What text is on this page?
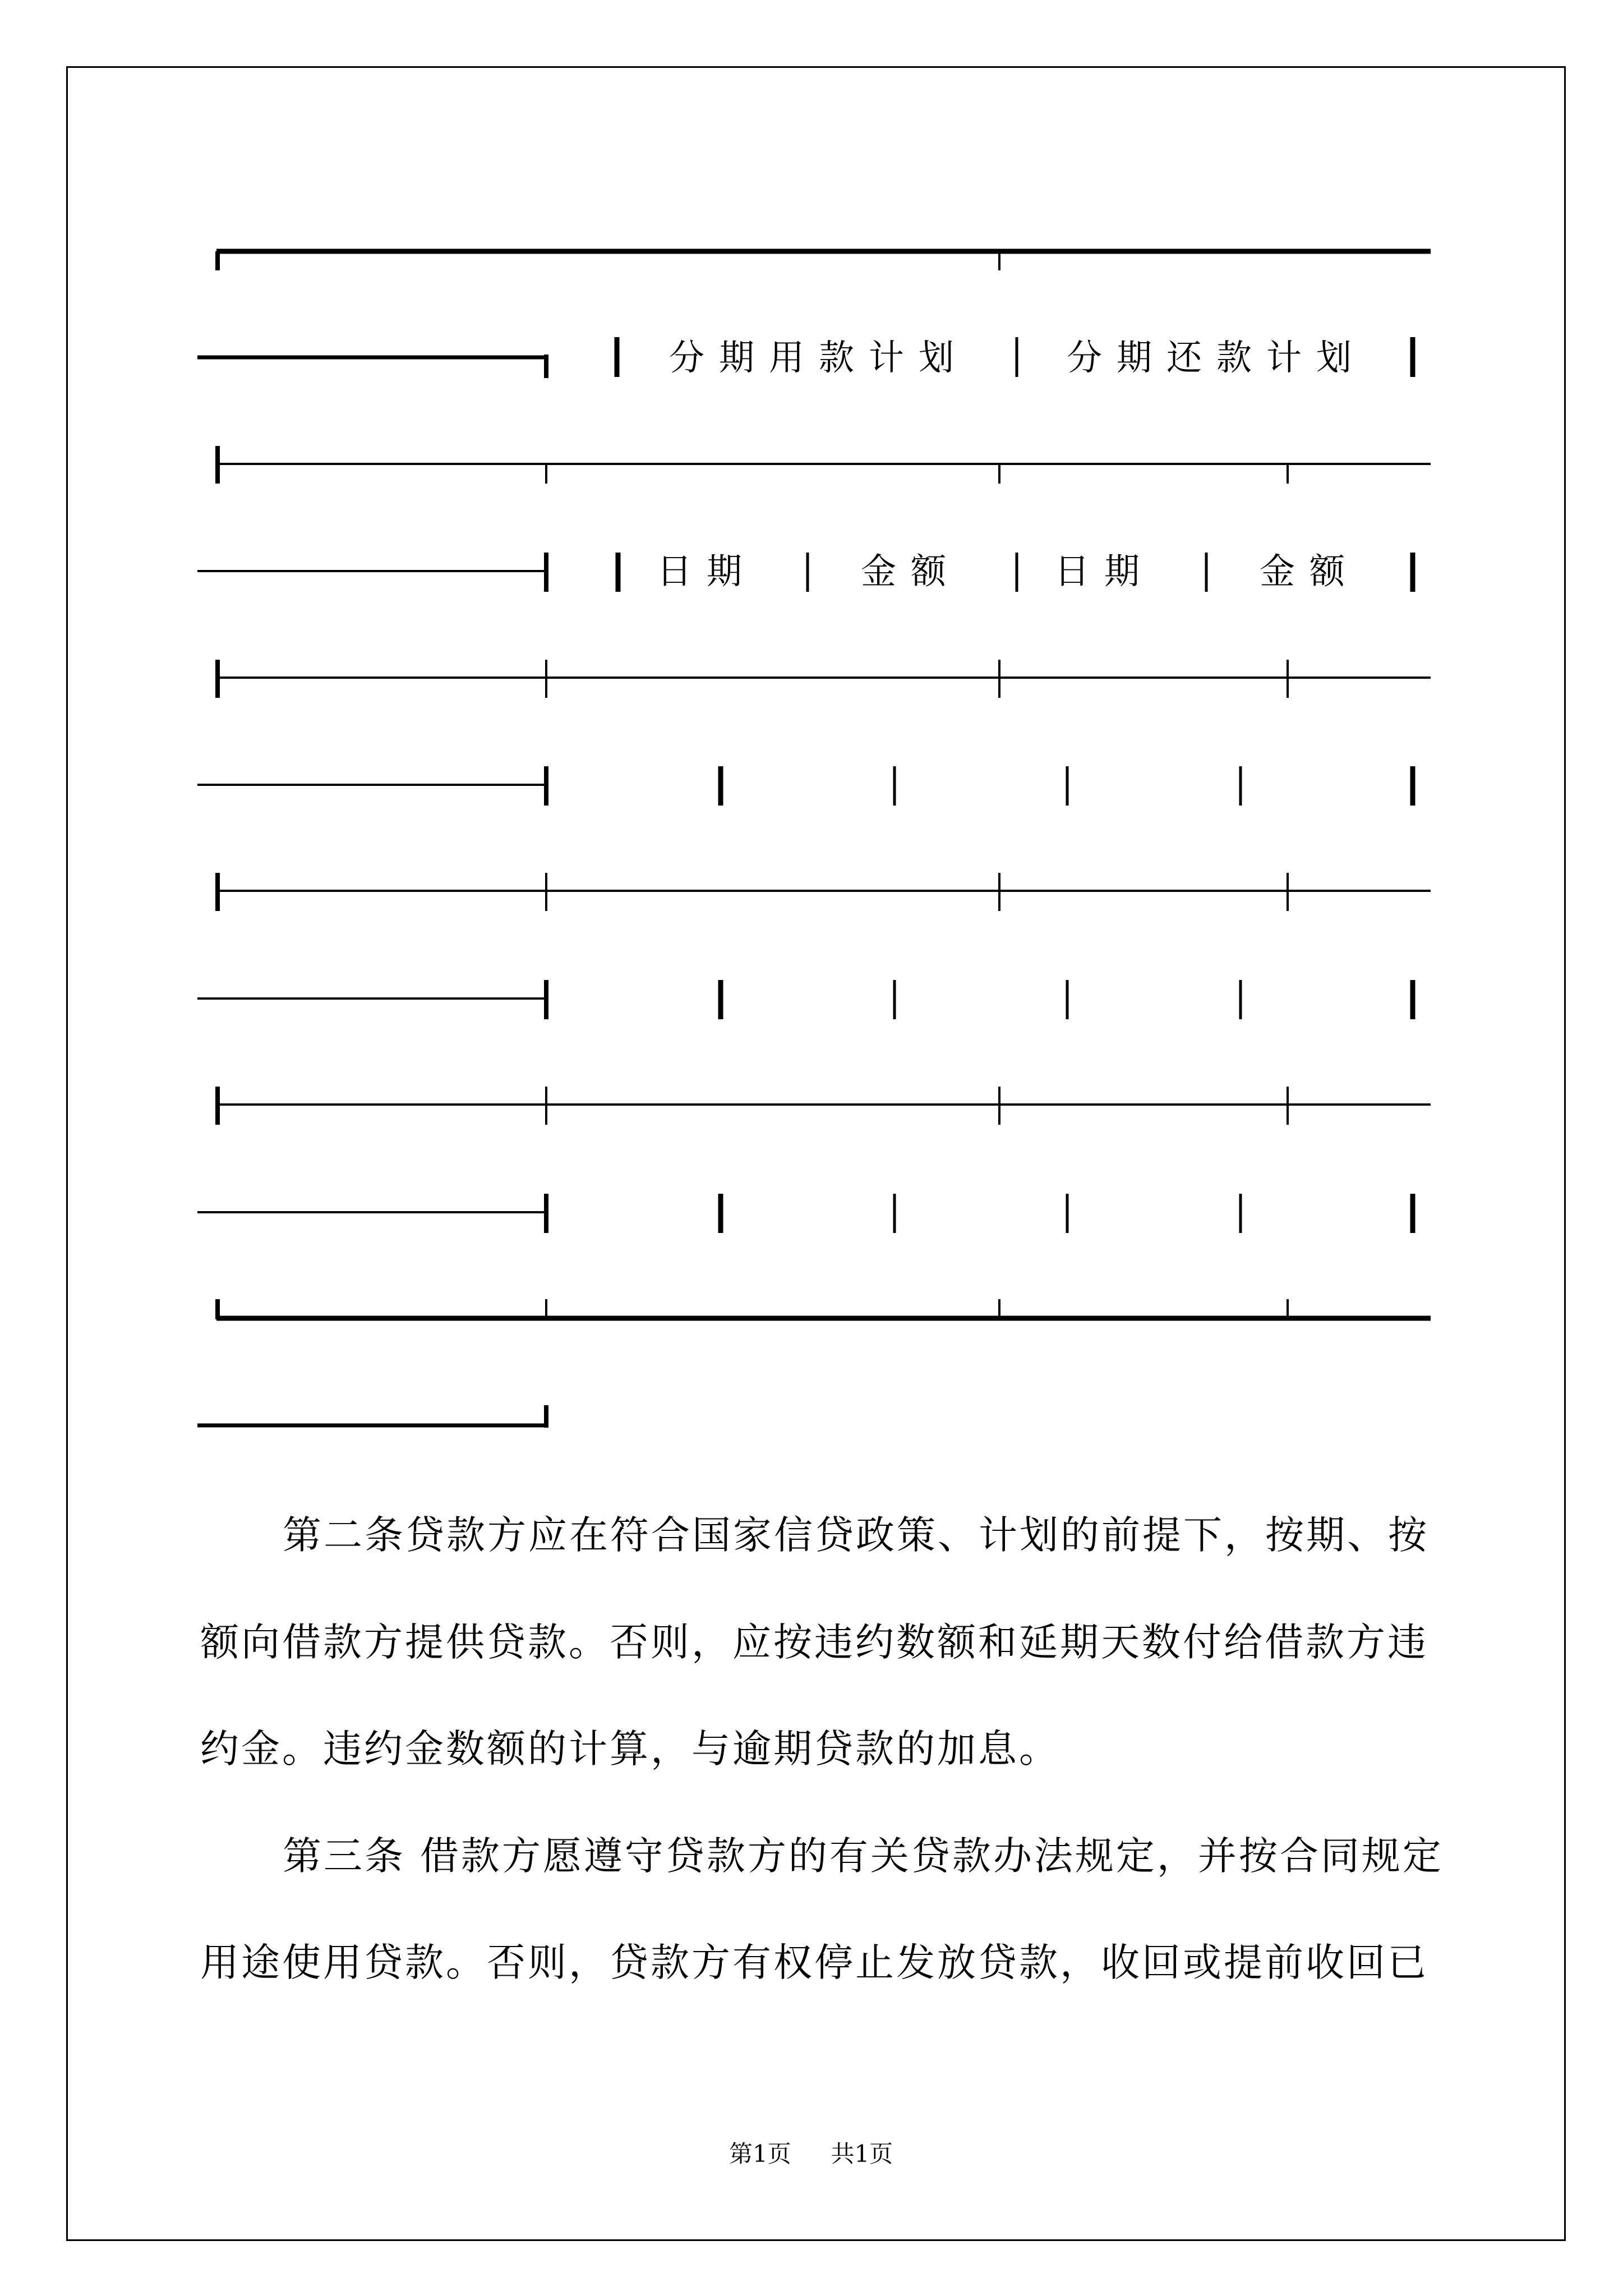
分期用款计划	分期还款计划
日期	金额	日期	金额
第二条贷款方应在符合国家信贷政策、计划的前提下，按期、按
额向借款方提供贷款。否则，应按违约数额和延期天数付给借款方违
约金。违约金数额的计算，与逾期贷款的加息。
第三条 借款方愿遵守贷款方的有关贷款办法规定，并按合同规定
用途使用贷款。否则，贷款方有权停止发放贷款，收回或提前收回已
第1页 共1页
